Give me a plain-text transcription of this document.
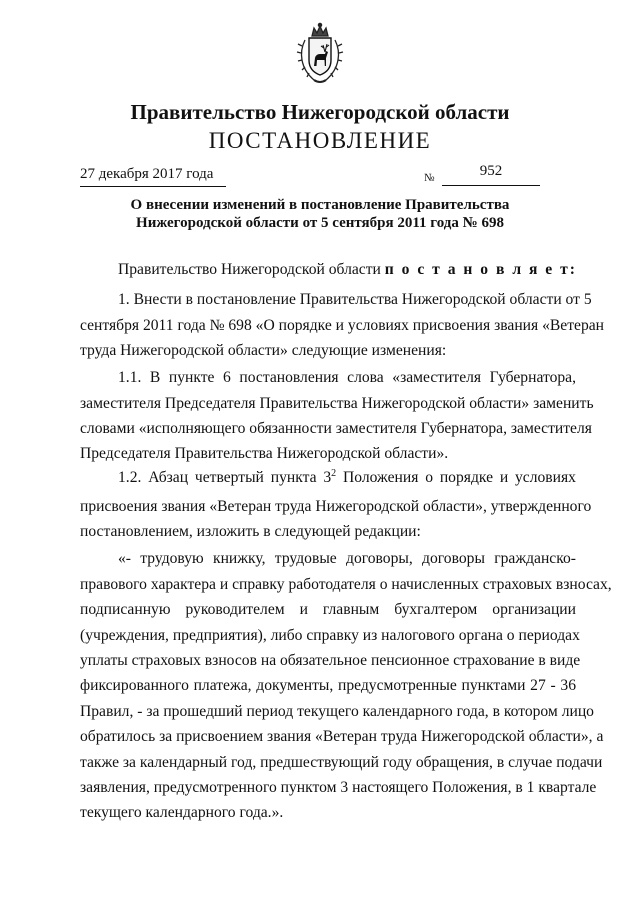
Правительство Нижегородской области
ПОСТАНОВЛЕНИЕ
27 декабря 2017 года	№	952
О внесении изменений в постановление Правительства
Нижегородской области от 5 сентября 2011 года № 698
Правительство Нижегородской области п о с т а н о в л я е т:
1. Внести в постановление Правительства Нижегородской области от 5
сентября 2011 года № 698 «О порядке и условиях присвоения звания «Ветеран
труда Нижегородской области» следующие изменения:
1.1. В пункте 6 постановления слова «заместителя Губернатора,
заместителя Председателя Правительства Нижегородской области» заменить
словами «исполняющего обязанности заместителя Губернатора, заместителя
Председателя Правительства Нижегородской области».
1.2. Абзац четвертый пункта $3^2$ Положения о порядке и условиях
присвоения звания «Ветеран труда Нижегородской области», утвержденного
постановлением, изложить в следующей редакции:
«- трудовую книжку, трудовые договоры, договоры гражданско-
правового характера и справку работодателя о начисленных страховых взносах,
подписанную руководителем и главным бухгалтером организации
(учреждения, предприятия), либо справку из налогового органа о периодах
уплаты страховых взносов на обязательное пенсионное страхование в виде
фиксированного платежа, документы, предусмотренные пунктами 27 - 36
Правил, - за прошедший период текущего календарного года, в котором лицо
обратилось за присвоением звания «Ветеран труда Нижегородской области», а
также за календарный год, предшествующий году обращения, в случае подачи
заявления, предусмотренного пунктом 3 настоящего Положения, в 1 квартале
текущего календарного года.».
